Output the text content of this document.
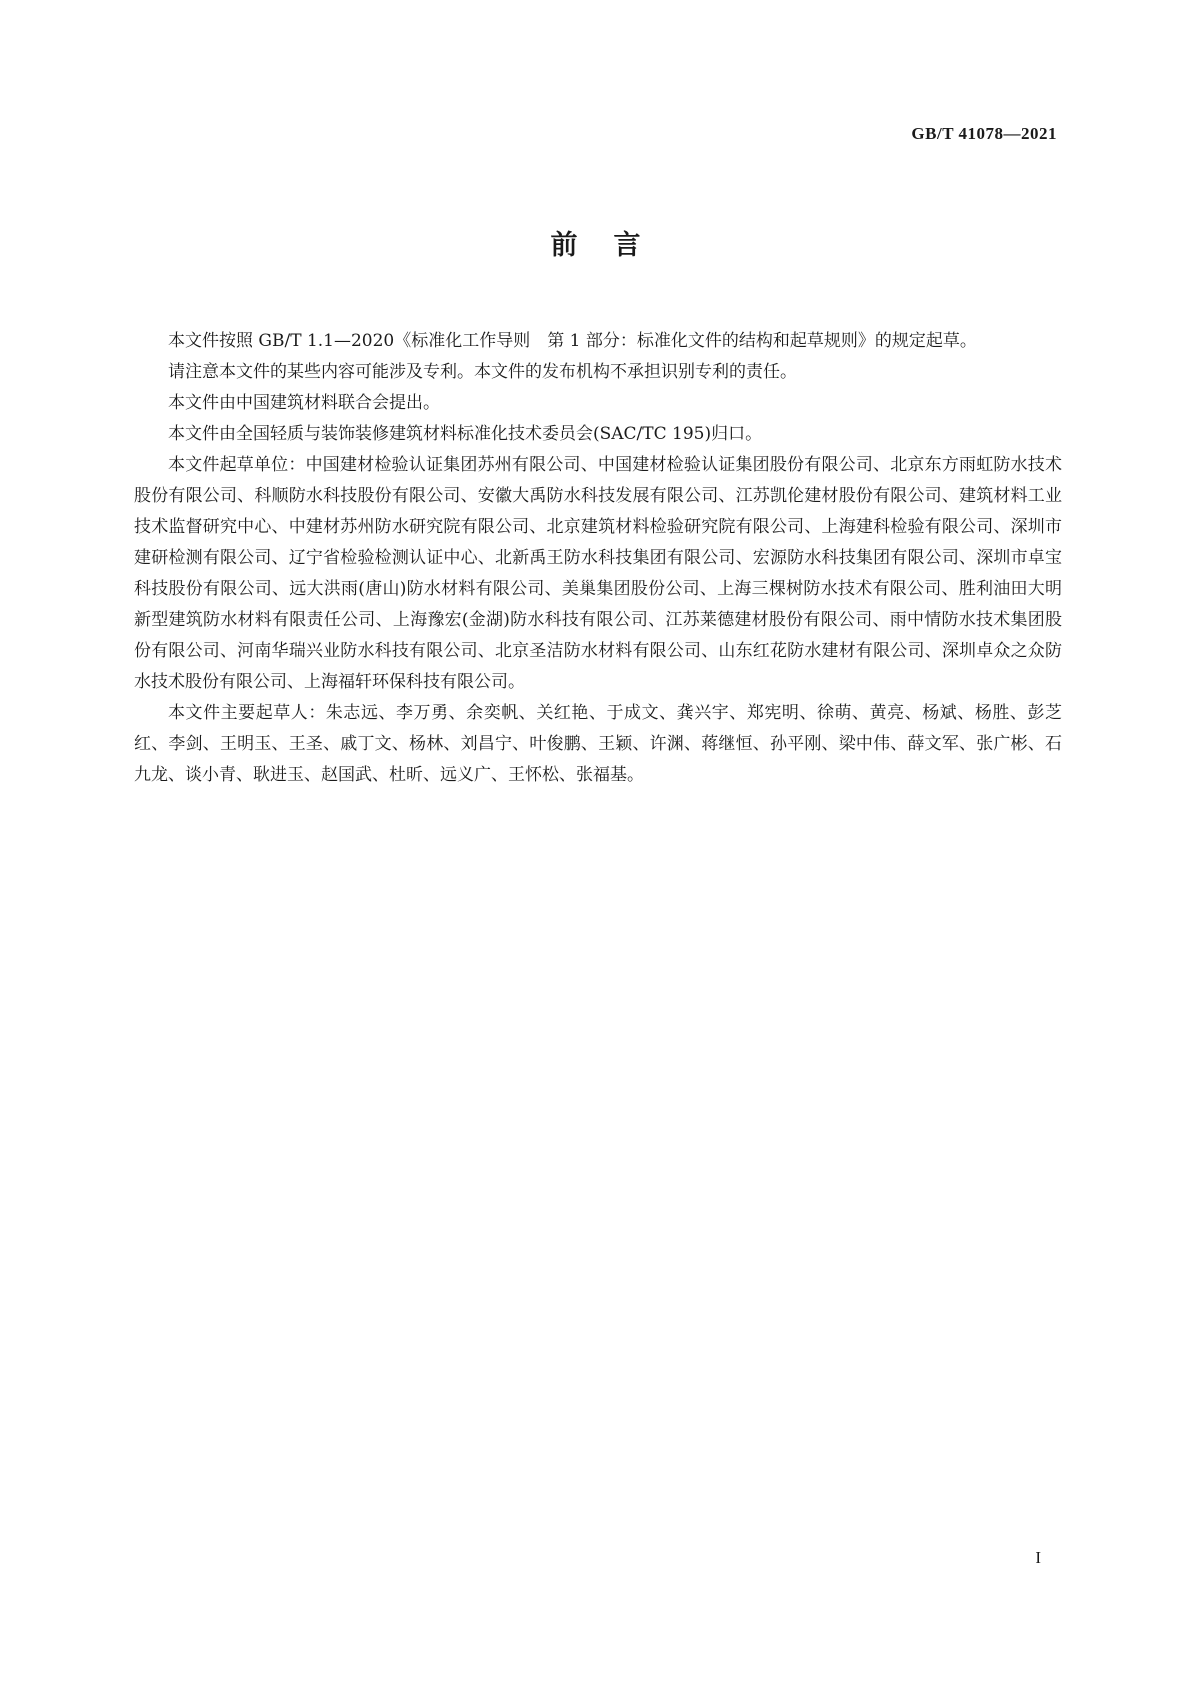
GB/T 41078—2021
前言

本文件按照 GB/T 1.1—2020《标准化工作导则　第 1 部分：标准化文件的结构和起草规则》的规定起草。

请注意本文件的某些内容可能涉及专利。本文件的发布机构不承担识别专利的责任。

本文件由中国建筑材料联合会提出。

本文件由全国轻质与装饰装修建筑材料标准化技术委员会(SAC/TC 195)归口。

本文件起草单位：中国建材检验认证集团苏州有限公司、中国建材检验认证集团股份有限公司、北京东方雨虹防水技术股份有限公司、科顺防水科技股份有限公司、安徽大禹防水科技发展有限公司、江苏凯伦建材股份有限公司、建筑材料工业技术监督研究中心、中建材苏州防水研究院有限公司、北京建筑材料检验研究院有限公司、上海建科检验有限公司、深圳市建研检测有限公司、辽宁省检验检测认证中心、北新禹王防水科技集团有限公司、宏源防水科技集团有限公司、深圳市卓宝科技股份有限公司、远大洪雨(唐山)防水材料有限公司、美巢集团股份公司、上海三棵树防水技术有限公司、胜利油田大明新型建筑防水材料有限责任公司、上海豫宏(金湖)防水科技有限公司、江苏莱德建材股份有限公司、雨中情防水技术集团股份有限公司、河南华瑞兴业防水科技有限公司、北京圣洁防水材料有限公司、山东红花防水建材有限公司、深圳卓众之众防水技术股份有限公司、上海福轩环保科技有限公司。

本文件主要起草人：朱志远、李万勇、余奕帆、关红艳、于成文、龚兴宇、郑宪明、徐萌、黄亮、杨斌、杨胜、彭芝红、李剑、王明玉、王圣、戚丁文、杨林、刘昌宁、叶俊鹏、王颖、许渊、蒋继恒、孙平刚、梁中伟、薛文军、张广彬、石九龙、谈小青、耿进玉、赵国武、杜昕、远义广、王怀松、张福基。

I
